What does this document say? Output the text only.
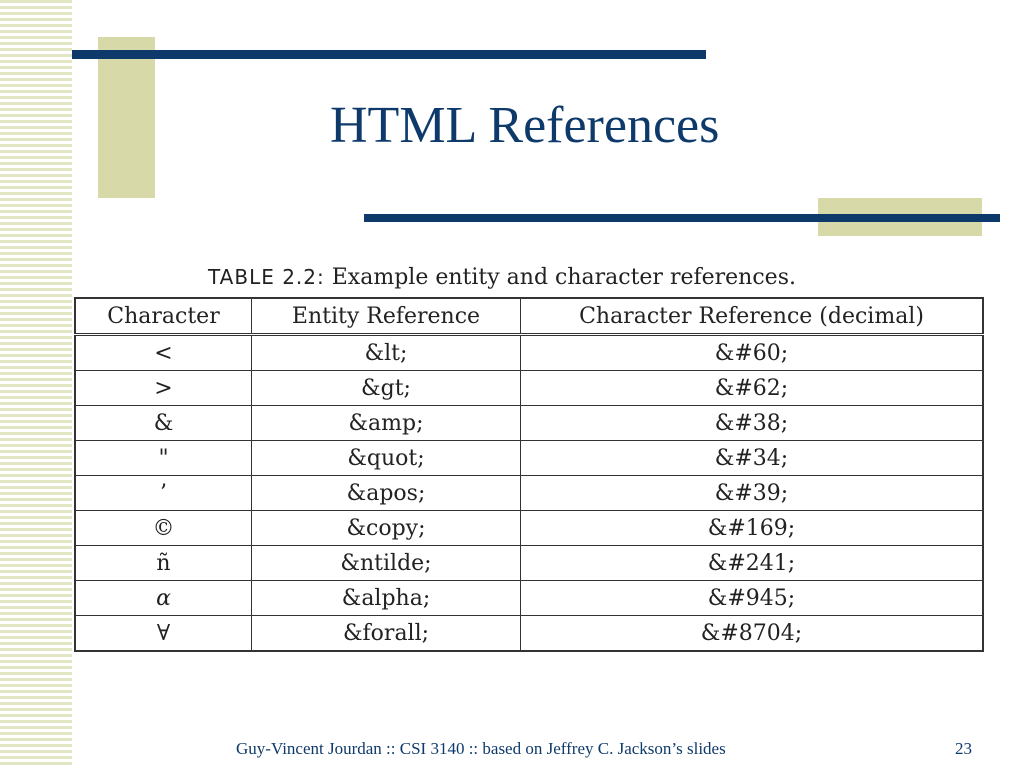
HTML References
TABLE 2.2: Example entity and character references.
Character	Entity Reference	Character Reference (decimal)
<	&lt;	&#60;
>	&gt;	&#62;
&	&amp;	&#38;
"	&quot;	&#34;
’	&apos;	&#39;
©	&copy;	&#169;
ñ	&ntilde;	&#241;
α	&alpha;	&#945;
∀	&forall;	&#8704;
Guy-Vincent Jourdan :: CSI 3140 :: based on Jeffrey C. Jackson’s slides	23
